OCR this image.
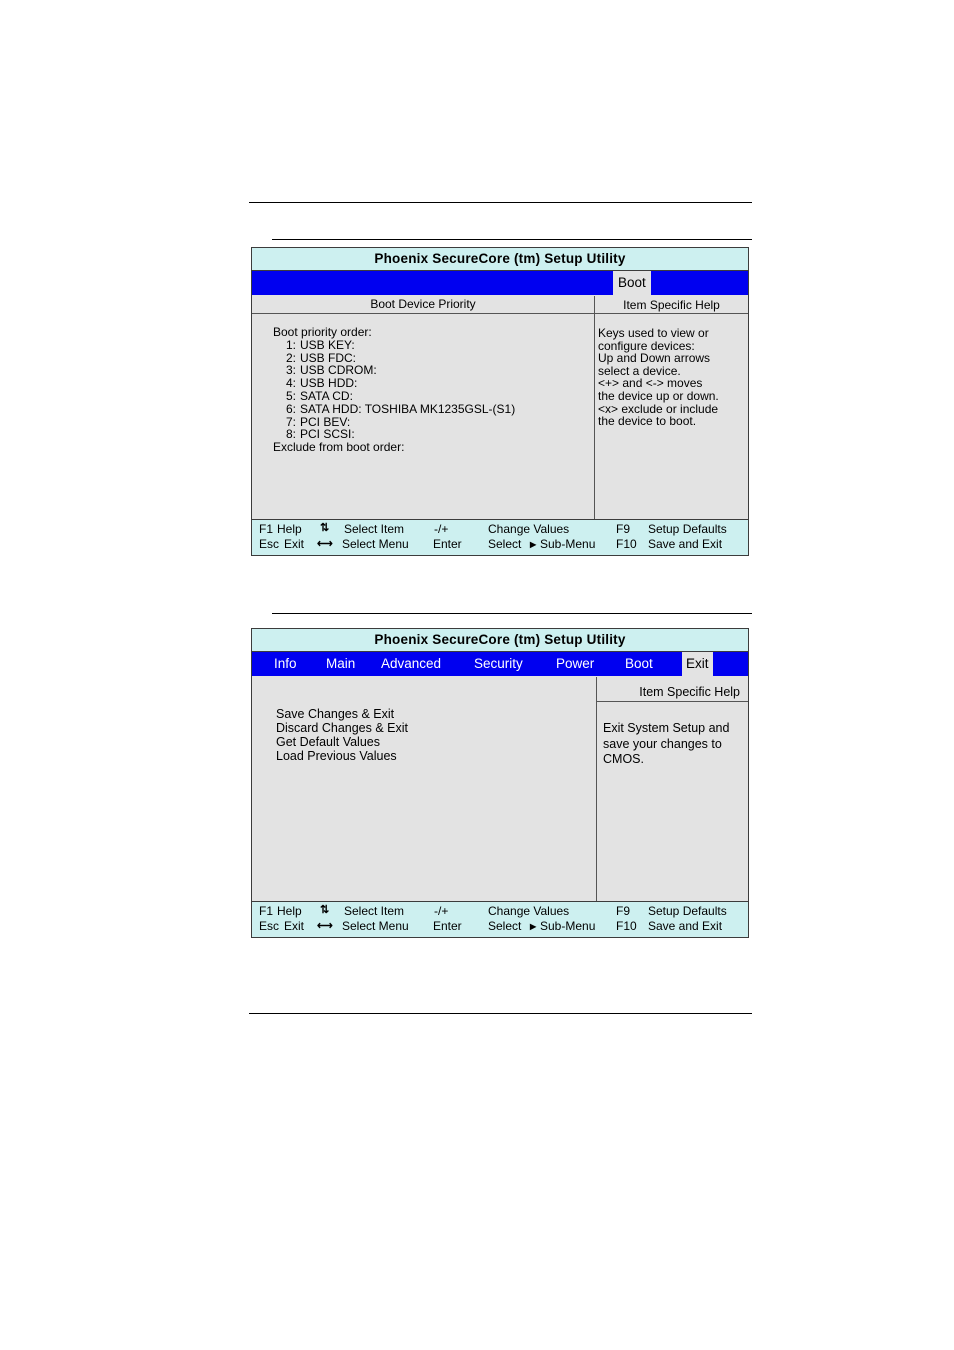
Phoenix SecureCore (tm) Setup Utility
Boot
Boot Device Priority	Item Specific Help
Boot priority order:
1: USB KEY:
2: USB FDC:
3: USB CDROM:
4: USB HDD:
5: SATA CD:
6: SATA HDD: TOSHIBA MK1235GSL-(S1)
7: PCI BEV:
8: PCI SCSI:
Exclude from boot order:
Keys used to view or
configure devices:
Up and Down arrows
select a device.
<+> and <-> moves
the device up or down.
<x> exclude or include
the device to boot.
F1 Help
Esc Exit
⇅ Select Item
⟷ Select Menu
-/+
Enter
Change Values
Select ▶ Sub-Menu
F9 Setup Defaults
F10 Save and Exit
Phoenix SecureCore (tm) Setup Utility
Info Main Advanced Security Power Boot Exit
Item Specific Help
Save Changes & Exit
Discard Changes & Exit
Get Default Values
Load Previous Values
Exit System Setup and
save your changes to
CMOS.
F1 Help
Esc Exit
⇅ Select Item
⟷ Select Menu
-/+
Enter
Change Values
Select ▶ Sub-Menu
F9 Setup Defaults
F10 Save and Exit
